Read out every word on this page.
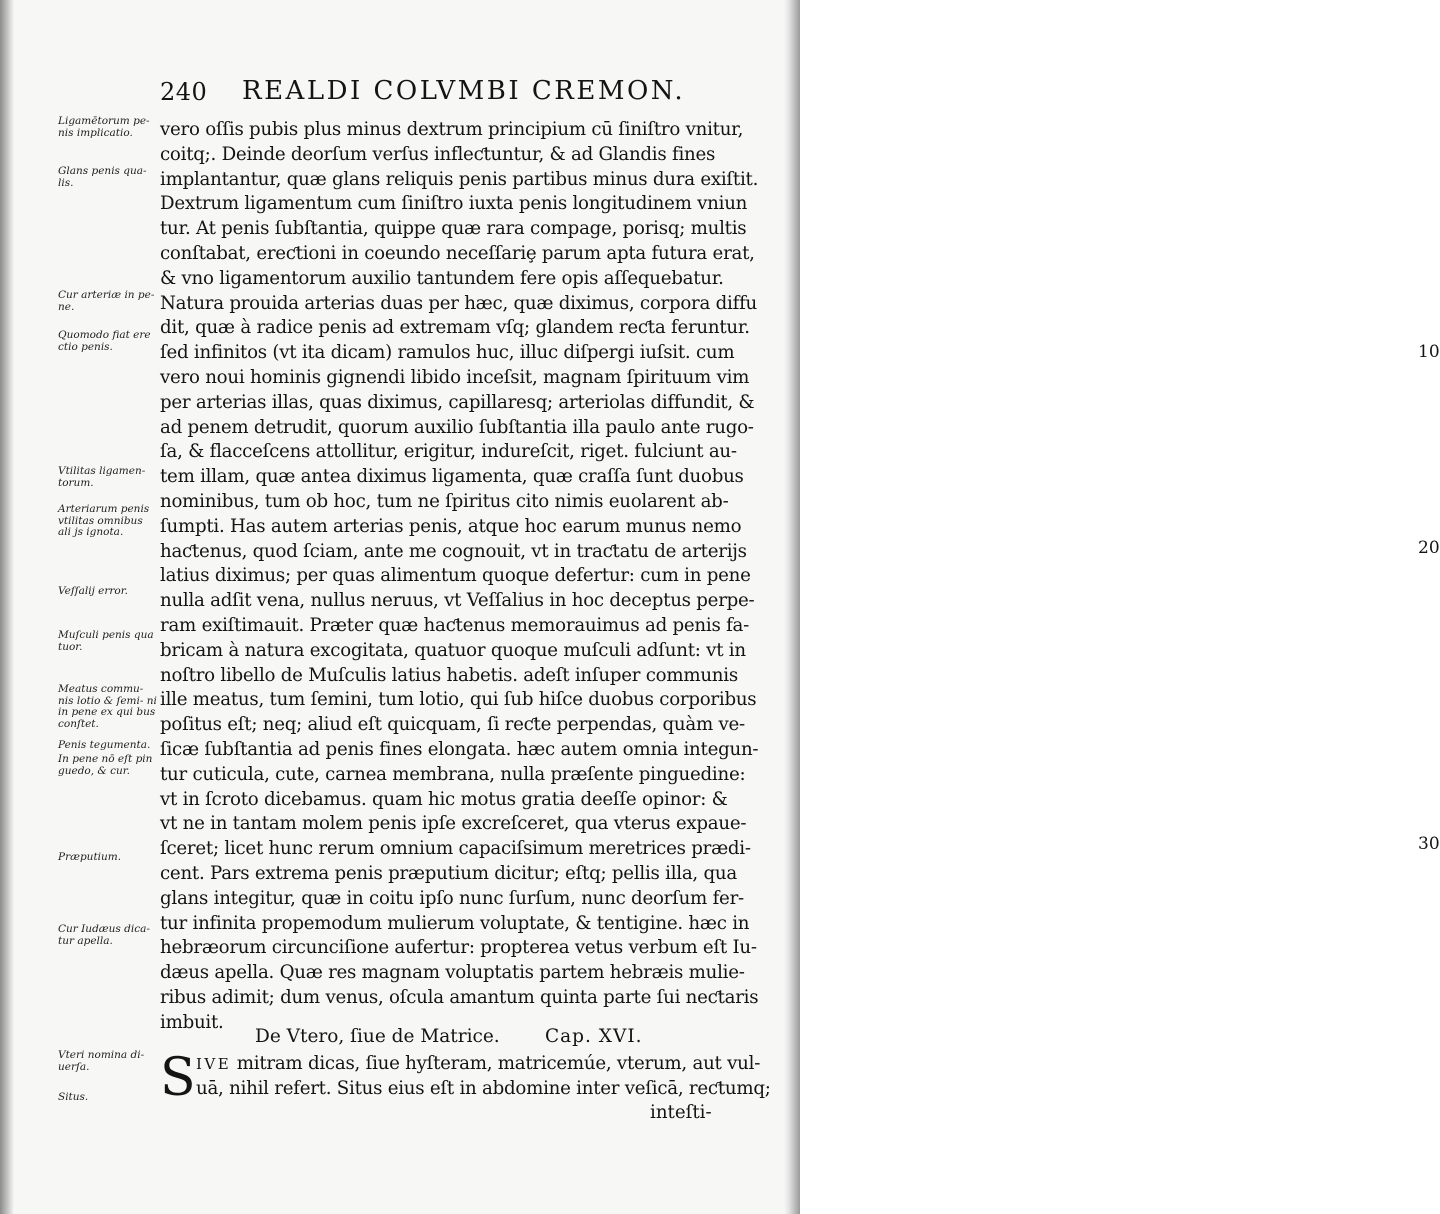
240 REALDI COLVMBI CREMON.
Ligamētorum pe- nis implicatio.
Glans penis qua- lis.
Cur arteriæ in pe- ne.
Quomodo fiat ere ctio penis.
Vtilitas ligamen- torum.
Arteriarum penis vtilitas omnibus ali js ignota.
Veſſalij error.
Muſculi penis qua tuor.
Meatus commu- nis lotio & ſemi- ni in pene ex qui bus conſtet.
Penis tegumenta.
In pene nō eſt pin guedo, & cur.
Præputium.
Cur Iudæus dica- tur apella.
Vteri nomina di- uerſa.
Situs.
vero oſſis pubis plus minus dextrum principium cū ſiniſtro vnitur,
coitq;. Deinde deorſum verſus infleƈtuntur, & ad Glandis fines
implantantur, quæ glans reliquis penis partibus minus dura exiſtit.
Dextrum ligamentum cum ſiniſtro iuxta penis longitudinem vniun
tur. At penis ſubſtantia, quippe quæ rara compage, porisq; multis
conſtabat, ereƈtioni in coeundo neceſſariȩ parum apta futura erat,
& vno ligamentorum auxilio tantundem fere opis aſſequebatur.
Natura prouida arterias duas per hæc, quæ diximus, corpora diffu
dit, quæ à radice penis ad extremam vſq; glandem reƈta feruntur.
ſed infinitos (vt ita dicam) ramulos huc, illuc diſpergi iuſsit. cum
vero noui hominis gignendi libido inceſsit, magnam ſpirituum vim
per arterias illas, quas diximus, capillaresq; arteriolas diffundit, &
ad penem detrudit, quorum auxilio ſubſtantia illa paulo ante rugo-
ſa, & flacceſcens attollitur, erigitur, indureſcit, riget. fulciunt au-
tem illam, quæ antea diximus ligamenta, quæ craſſa ſunt duobus
nominibus, tum ob hoc, tum ne ſpiritus cito nimis euolarent ab-
ſumpti. Has autem arterias penis, atque hoc earum munus nemo
haƈtenus, quod ſciam, ante me cognouit, vt in traƈtatu de arterijs
latius diximus; per quas alimentum quoque defertur: cum in pene
nulla adſit vena, nullus neruus, vt Veſſalius in hoc deceptus perpe-
ram exiſtimauit. Præter quæ haƈtenus memorauimus ad penis fa-
bricam à natura excogitata, quatuor quoque muſculi adſunt: vt in
noſtro libello de Muſculis latius habetis. adeſt inſuper communis
ille meatus, tum ſemini, tum lotio, qui ſub hiſce duobus corporibus
poſitus eſt; neq; aliud eſt quicquam, ſi reƈte perpendas, quàm ve-
ſicæ ſubſtantia ad penis fines elongata. hæc autem omnia integun-
tur cuticula, cute, carnea membrana, nulla præſente pinguedine:
vt in ſcroto dicebamus. quam hic motus gratia deeſſe opinor: &
vt ne in tantam molem penis ipſe excreſceret, qua vterus expaue-
ſceret; licet hunc rerum omnium capaciſsimum meretrices prædi-
cent. Pars extrema penis præputium dicitur; eſtq; pellis illa, qua
glans integitur, quæ in coitu ipſo nunc ſurſum, nunc deorſum fer-
tur infinita propemodum mulierum voluptate, & tentigine. hæc in
hebræorum circunciſione aufertur: propterea vetus verbum eſt Iu-
dæus apella. Quæ res magnam voluptatis partem hebræis mulie-
ribus adimit; dum venus, oſcula amantum quinta parte ſui neƈtaris
imbuit.
10
20
30
De Vtero, ſiue de Matrice. Cap. XVI.
S IVE mitram dicas, ſiue hyſteram, matricemúe, vterum, aut vul-
uā, nihil refert. Situs eius eſt in abdomine inter veſicā, reƈtumq;
inteſti-
